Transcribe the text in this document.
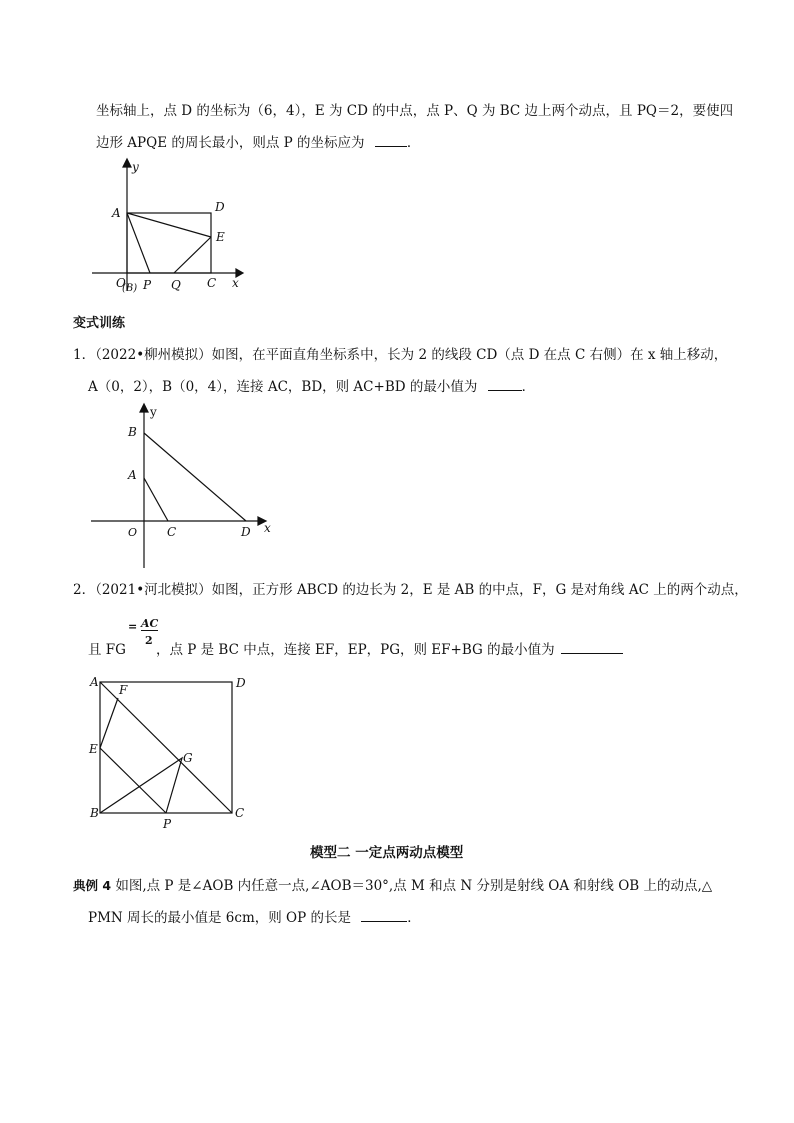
坐标轴上，点 D 的坐标为（6，4），E 为 CD 的中点，点 P、Q 为 BC 边上两个动点，且 PQ＝2，要使四
边形 APQE 的周长最小，则点 P 的坐标应为	．
y
x
A	D
E
O
(B) P Q C
变式训练
1．（2022•柳州模拟）如图，在平面直角坐标系中，长为 2 的线段 CD（点 D 在点 C 右侧）在 x 轴上移动，
A（0，2），B（0，4），连接 AC，BD，则 AC+BD 的最小值为	．
y
x
B
A
O C	D
2．（2021•河北模拟）如图，正方形 ABCD 的边长为 2，E 是 AB 的中点，F，G 是对角线 AC 上的两个动点，
= AC
2
且 FG ，点 P 是 BC 中点，连接 EF，EP，PG，则 EF+BG 的最小值为
A	D
F
E
G
B
P
C
模型二 一定点两动点模型
典例 4 如图,点 P 是∠AOB 内任意一点,∠AOB＝30°,点 M 和点 N 分别是射线 OA 和射线 OB 上的动点,△
PMN 周长的最小值是 6cm，则 OP 的长是	．
